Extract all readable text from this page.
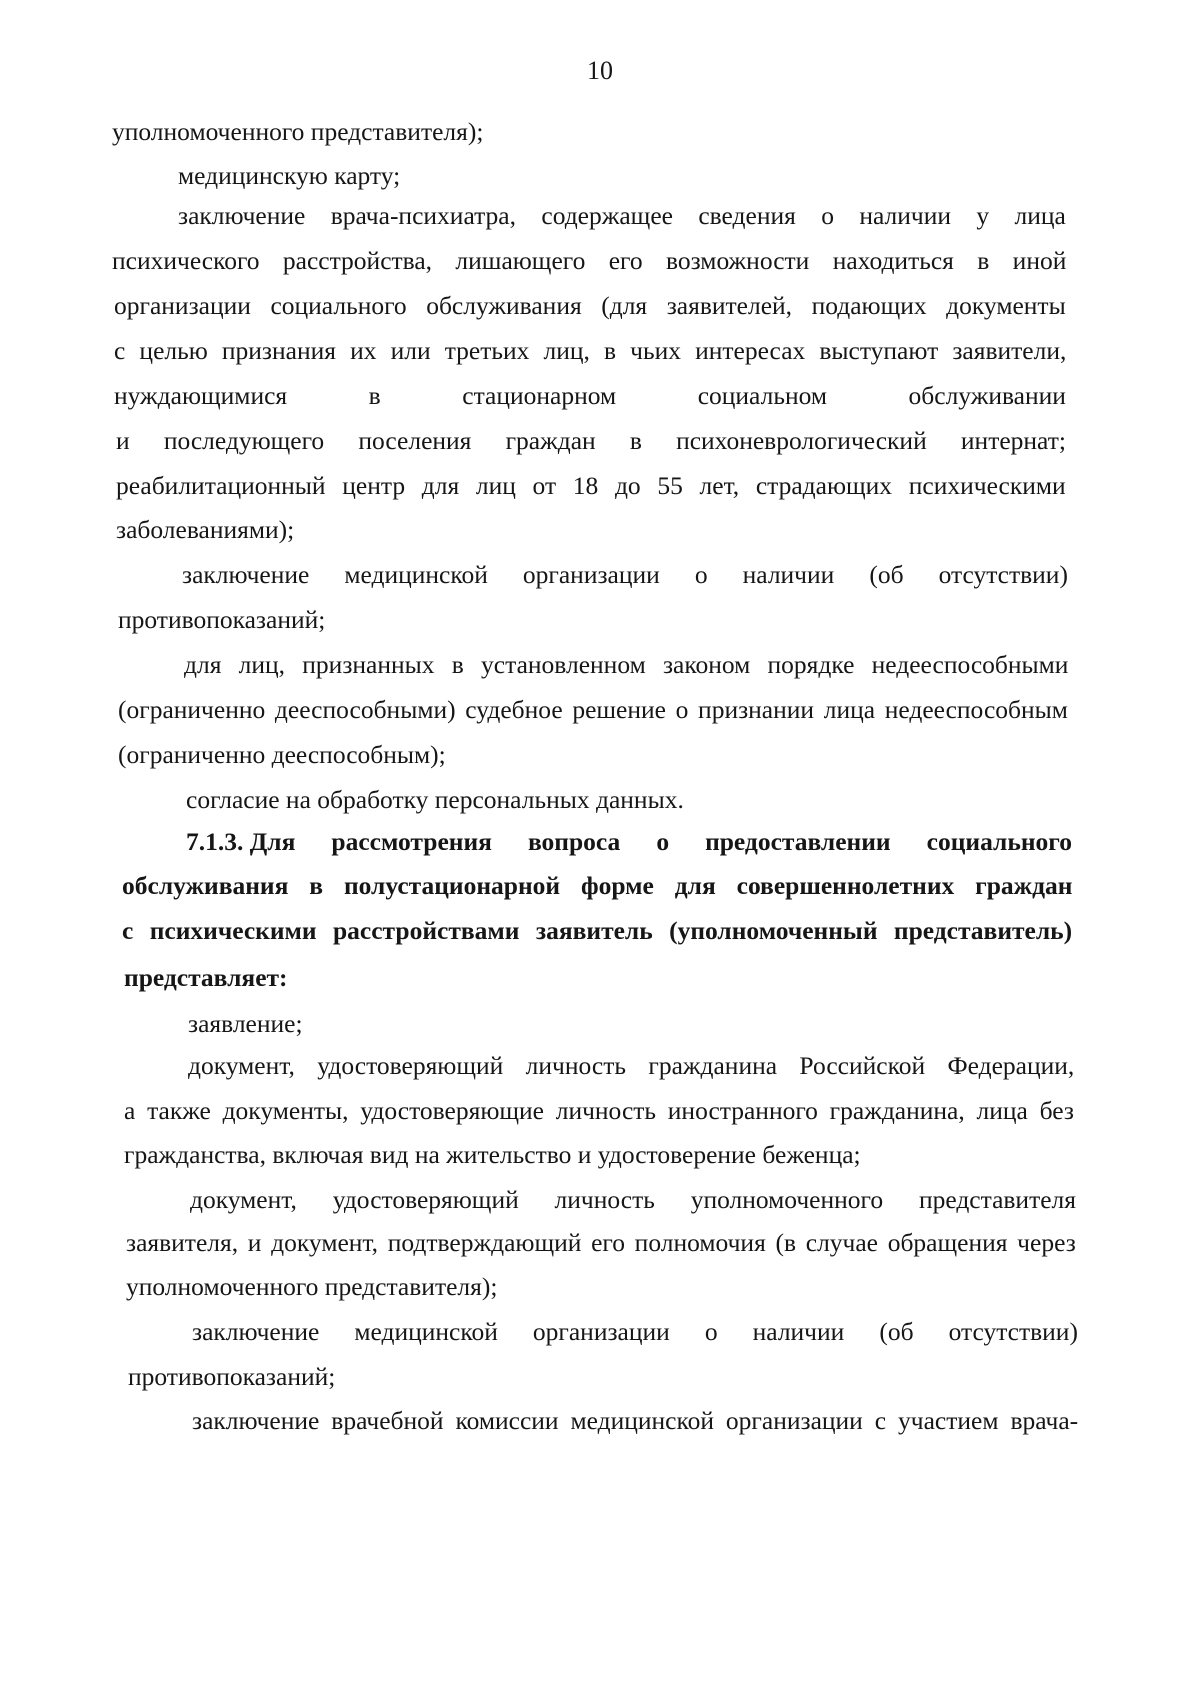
10
уполномоченного представителя);
медицинскую карту;
заключение врача-психиатра, содержащее сведения о наличии у лица
психического расстройства, лишающего его возможности находиться в иной
организации социального обслуживания (для заявителей, подающих документы
с целью признания их или третьих лиц, в чьих интересах выступают заявители,
нуждающимися	в	стационарном	социальном	обслуживании
и последующего поселения граждан в психоневрологический интернат;
реабилитационный центр для лиц от 18 до 55 лет, страдающих психическими
заболеваниями);
заключение медицинской организации о наличии (об отсутствии)
противопоказаний;
для лиц, признанных в установленном законом порядке недееспособными
(ограниченно дееспособными) судебное решение о признании лица недееспособным
(ограниченно дееспособным);
согласие на обработку персональных данных.
7.1.3. Для рассмотрения вопроса о предоставлении социального
обслуживания в полустационарной форме для совершеннолетних граждан
с психическими расстройствами заявитель (уполномоченный представитель)
представляет:
заявление;
документ, удостоверяющий личность гражданина Российской Федерации,
а также документы, удостоверяющие личность иностранного гражданина, лица без
гражданства, включая вид на жительство и удостоверение беженца;
документ, удостоверяющий личность уполномоченного представителя
заявителя, и документ, подтверждающий его полномочия (в случае обращения через
уполномоченного представителя);
заключение медицинской организации о наличии (об отсутствии)
противопоказаний;
заключение врачебной комиссии медицинской организации с участием врача-
